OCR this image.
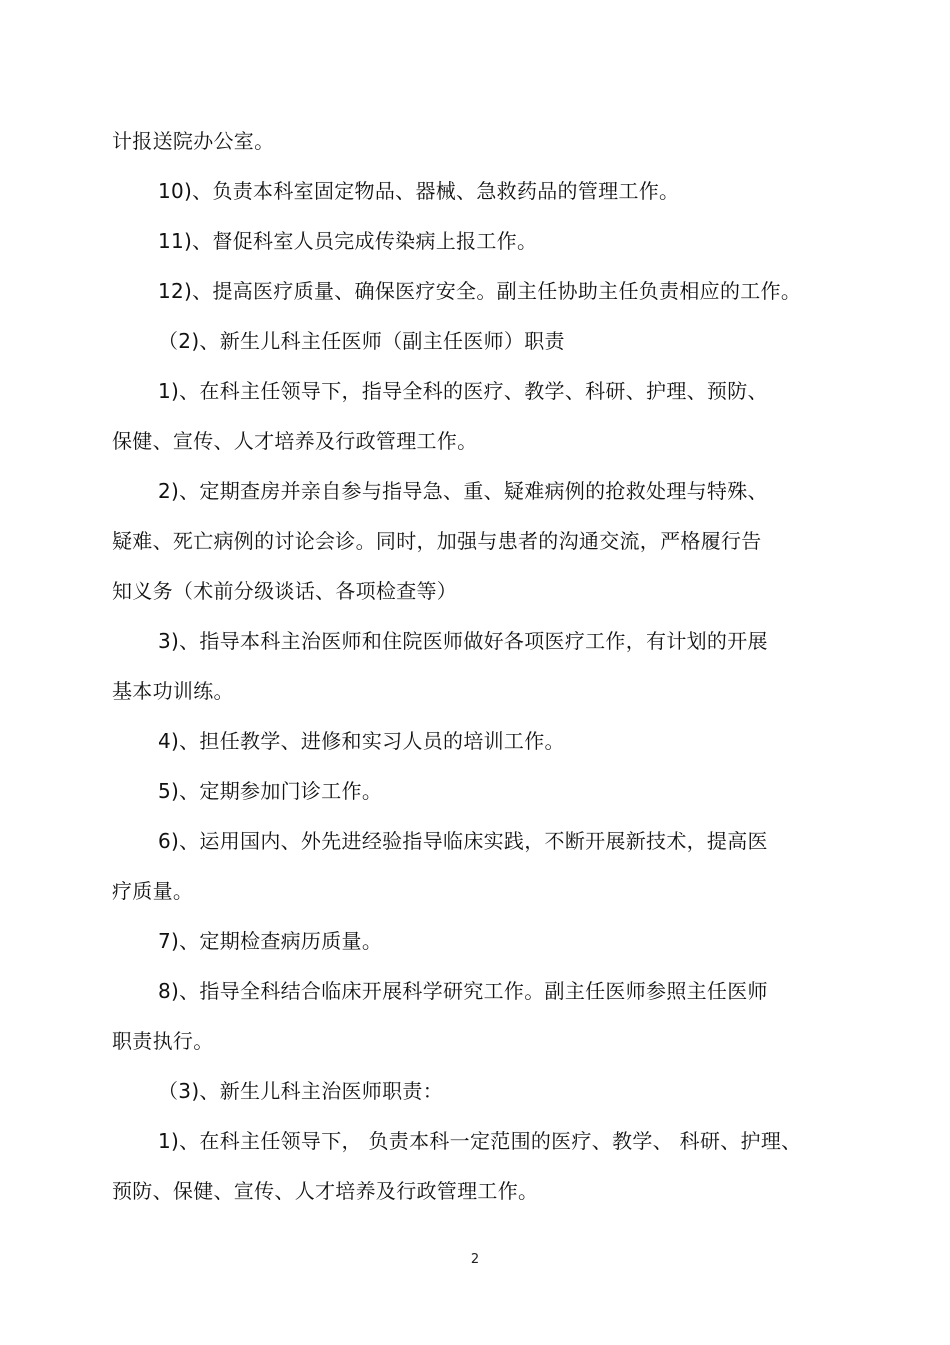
计报送院办公室。
10)、负责本科室固定物品、器械、急救药品的管理工作。
11)、督促科室人员完成传染病上报工作。
12)、提高医疗质量、确保医疗安全。副主任协助主任负责相应的工作。
（2)、新生儿科主任医师（副主任医师）职责
1)、在科主任领导下，指导全科的医疗、教学、科研、护理、预防、
保健、宣传、人才培养及行政管理工作。
2)、定期查房并亲自参与指导急、重、疑难病例的抢救处理与特殊、
疑难、死亡病例的讨论会诊。同时，加强与患者的沟通交流，严格履行告
知义务（术前分级谈话、各项检查等）
3)、指导本科主治医师和住院医师做好各项医疗工作，有计划的开展
基本功训练。
4)、担任教学、进修和实习人员的培训工作。
5)、定期参加门诊工作。
6)、运用国内、外先进经验指导临床实践，不断开展新技术，提高医
疗质量。
7)、定期检查病历质量。
8)、指导全科结合临床开展科学研究工作。副主任医师参照主任医师
职责执行。
（3)、新生儿科主治医师职责：
1)、在科主任领导下， 负责本科一定范围的医疗、教学、 科研、护理、
预防、保健、宣传、人才培养及行政管理工作。
2
